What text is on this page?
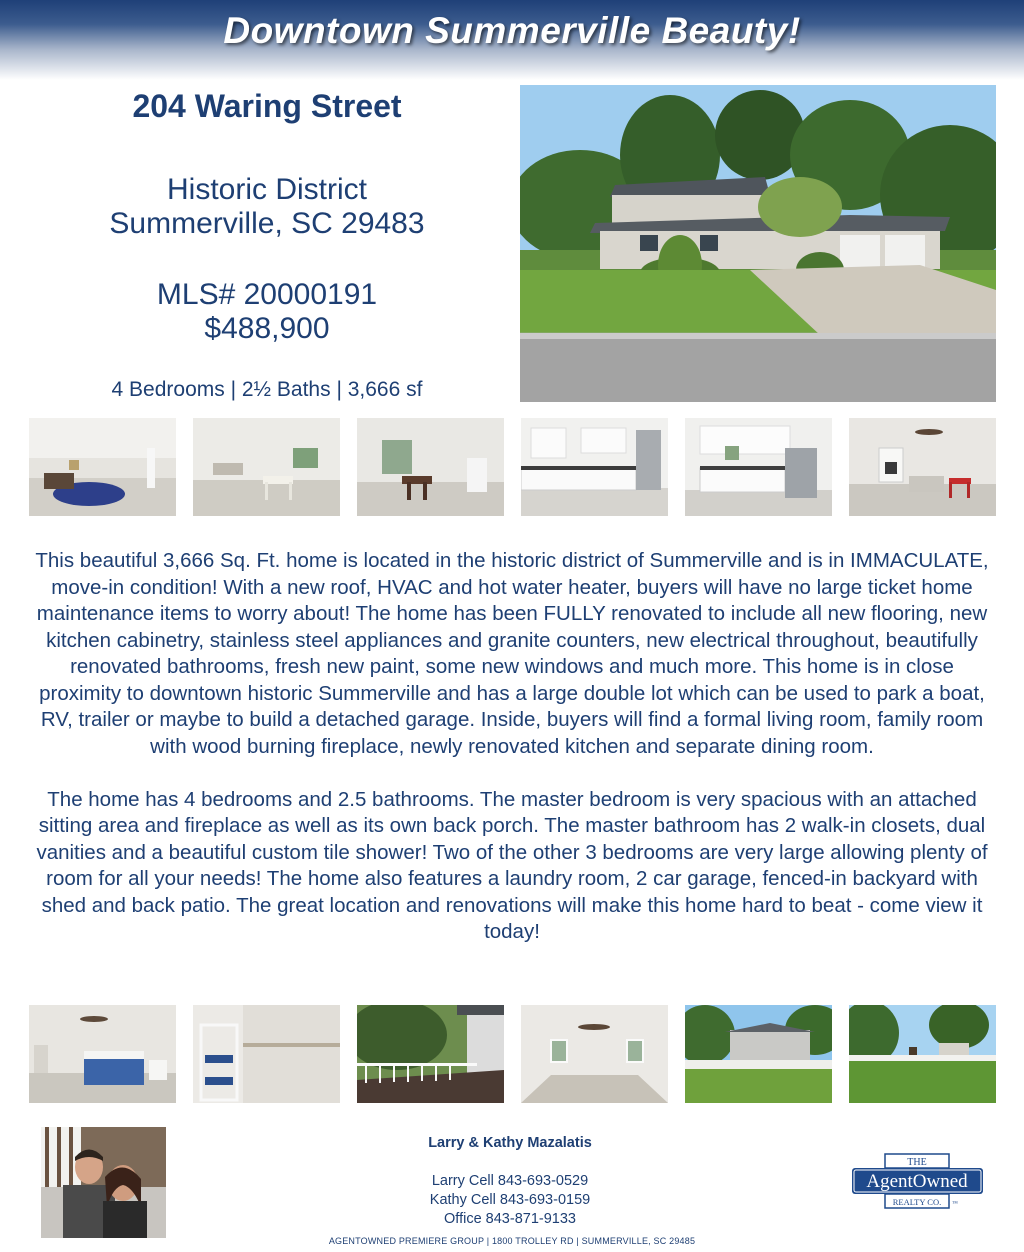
Downtown Summerville Beauty!
204 Waring Street
Historic District
Summerville, SC 29483
MLS# 20000191
$488,900
4 Bedrooms | 2½ Baths | 3,666 sf

This beautiful 3,666 Sq. Ft. home is located in the historic district of Summerville and is in IMMACULATE, move-in condition! With a new roof, HVAC and hot water heater, buyers will have no large ticket home maintenance items to worry about! The home has been FULLY renovated to include all new flooring, new kitchen cabinetry, stainless steel appliances and granite counters, new electrical throughout, beautifully renovated bathrooms, fresh new paint, some new windows and much more. This home is in close proximity to downtown historic Summerville and has a large double lot which can be used to park a boat, RV, trailer or maybe to build a detached garage. Inside, buyers will find a formal living room, family room with wood burning fireplace, newly renovated kitchen and separate dining room.

The home has 4 bedrooms and 2.5 bathrooms. The master bedroom is very spacious with an attached sitting area and fireplace as well as its own back porch. The master bathroom has 2 walk-in closets, dual vanities and a beautiful custom tile shower! Two of the other 3 bedrooms are very large allowing plenty of room for all your needs! The home also features a laundry room, 2 car garage, fenced-in backyard with shed and back patio. The great location and renovations will make this home hard to beat - come view it today!

Larry & Kathy Mazalatis
Larry Cell 843-693-0529
Kathy Cell 843-693-0159
Office 843-871-9133
THE
AgentOwned
REALTY CO. ™
AGENTOWNED PREMIERE GROUP | 1800 TROLLEY RD | SUMMERVILLE, SC 29485
